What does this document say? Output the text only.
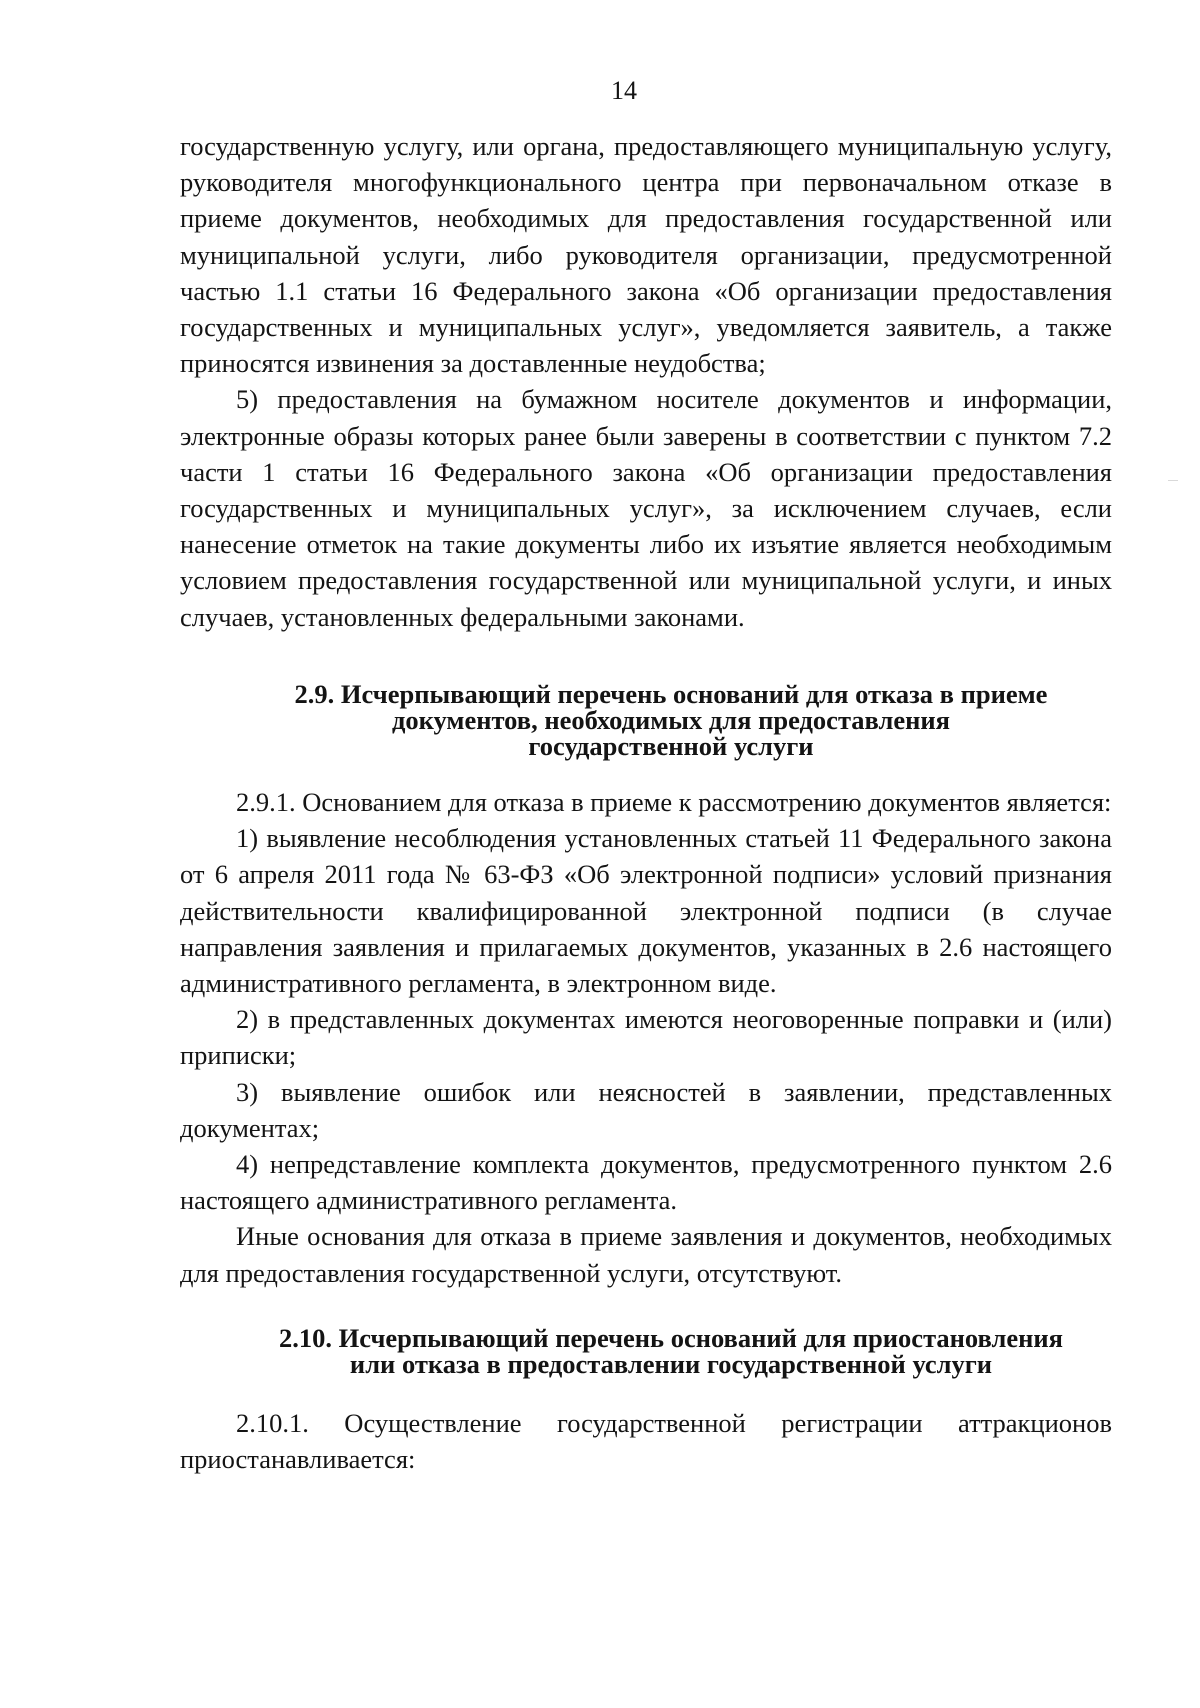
14

государственную услугу, или органа, предоставляющего муниципальную услугу, руководителя многофункционального центра при первоначальном отказе в приеме документов, необходимых для предоставления государственной или муниципальной услуги, либо руководителя организации, предусмотренной частью 1.1 статьи 16 Федерального закона «Об организации предоставления государственных и муниципальных услуг», уведомляется заявитель, а также приносятся извинения за доставленные неудобства;

5) предоставления на бумажном носителе документов и информации, электронные образы которых ранее были заверены в соответствии с пунктом 7.2 части 1 статьи 16 Федерального закона «Об организации предоставления государственных и муниципальных услуг», за исключением случаев, если нанесение отметок на такие документы либо их изъятие является необходимым условием предоставления государственной или муниципальной услуги, и иных случаев, установленных федеральными законами.

2.9. Исчерпывающий перечень оснований для отказа в приеме
документов, необходимых для предоставления
государственной услуги

2.9.1. Основанием для отказа в приеме к рассмотрению документов является:

1) выявление несоблюдения установленных статьей 11 Федерального закона от 6 апреля 2011 года № 63-ФЗ «Об электронной подписи» условий признания действительности квалифицированной электронной подписи (в случае направления заявления и прилагаемых документов, указанных в 2.6 настоящего административного регламента, в электронном виде.

2) в представленных документах имеются неоговоренные поправки и (или) приписки;

3) выявление ошибок или неясностей в заявлении, представленных документах;

4) непредставление комплекта документов, предусмотренного пунктом 2.6 настоящего административного регламента.

Иные основания для отказа в приеме заявления и документов, необходимых для предоставления государственной услуги, отсутствуют.

2.10. Исчерпывающий перечень оснований для приостановления
или отказа в предоставлении государственной услуги

2.10.1. Осуществление государственной регистрации аттракционов приостанавливается:
